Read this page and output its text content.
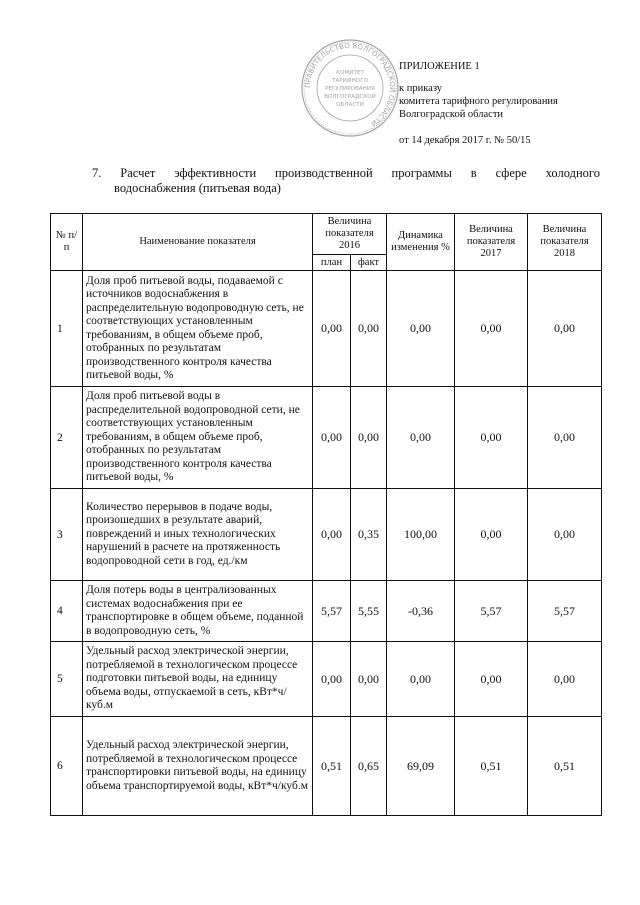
ПРАВИТЕЛЬСТВО ВОЛГОГРАДСКОЙ ОБЛАСТИ
КОМИТЕТ
ТАРИФНОГО
РЕГУЛИРОВАНИЯ
ВОЛГОГРАДСКОЙ
ОБЛАСТИ
ПРИЛОЖЕНИЕ 1
к приказу
комитета тарифного регулирования
Волгоградской области
от 14 декабря 2017 г. № 50/15
7. Расчет эффективности производственной программы в сфере холодного
водоснабжения (питьевая вода)
№ п/п	Наименование показателя	Величина показателя 2016		Динамика изменения %	Величина показателя 2017	Величина показателя 2018
		план	факт			
1	Доля проб питьевой воды, подаваемой с источников водоснабжения в распределительную водопроводную сеть, не соответствующих установленным требованиям, в общем объеме проб, отобранных по результатам производственного контроля качества питьевой воды, %	0,00	0,00	0,00	0,00	0,00
2	Доля проб питьевой воды в распределительной водопроводной сети, не соответствующих установленным требованиям, в общем объеме проб, отобранных по результатам производственного контроля качества питьевой воды, %	0,00	0,00	0,00	0,00	0,00
3	Количество перерывов в подаче воды, произошедших в результате аварий, повреждений и иных технологических нарушений в расчете на протяженность водопроводной сети в год, ед./км	0,00	0,35	100,00	0,00	0,00
4	Доля потерь воды в централизованных системах водоснабжения при ее транспортировке в общем объеме, поданной в водопроводную сеть, %	5,57	5,55	-0,36	5,57	5,57
5	Удельный расход электрической энергии, потребляемой в технологическом процессе подготовки питьевой воды, на единицу объема воды, отпускаемой в сеть, кВт*ч/куб.м	0,00	0,00	0,00	0,00	0,00
6	Удельный расход электрической энергии, потребляемой в технологическом процессе транспортировки питьевой воды, на единицу объема транспортируемой воды, кВт*ч/куб.м	0,51	0,65	69,09	0,51	0,51
